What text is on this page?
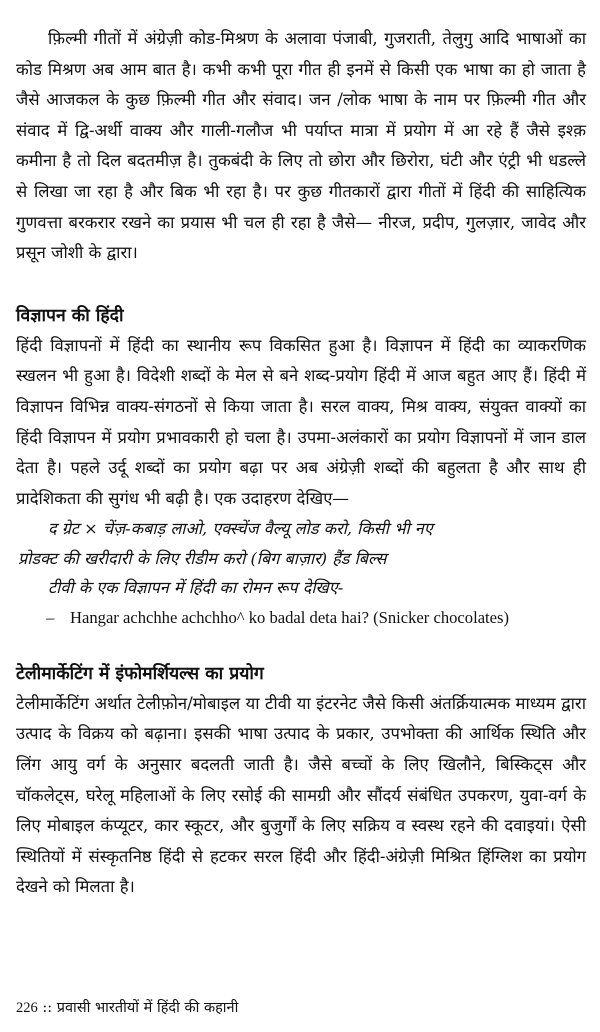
फ़िल्मी गीतों में अंग्रेज़ी कोड-मिश्रण के अलावा पंजाबी, गुजराती, तेलुगु आदि भाषाओं का कोड मिश्रण अब आम बात है। कभी कभी पूरा गीत ही इनमें से किसी एक भाषा का हो जाता है जैसे आजकल के कुछ फ़िल्मी गीत और संवाद। जन /लोक भाषा के नाम पर फ़िल्मी गीत और संवाद में द्वि-अर्थी वाक्य और गाली-गलौज भी पर्याप्त मात्रा में प्रयोग में आ रहे हैं जैसे इश्क़ कमीना है तो दिल बदतमीज़ है। तुकबंदी के लिए तो छोरा और छिरोरा, घंटी और एंट्री भी धडल्ले से लिखा जा रहा है और बिक भी रहा है। पर कुछ गीतकारों द्वारा गीतों में हिंदी की साहित्यिक गुणवत्ता बरकरार रखने का प्रयास भी चल ही रहा है जैसे— नीरज, प्रदीप, गुलज़ार, जावेद और प्रसून जोशी के द्वारा।

विज्ञापन की हिंदी

हिंदी विज्ञापनों में हिंदी का स्थानीय रूप विकसित हुआ है। विज्ञापन में हिंदी का व्याकरणिक स्खलन भी हुआ है। विदेशी शब्दों के मेल से बने शब्द-प्रयोग हिंदी में आज बहुत आए हैं। हिंदी में विज्ञापन विभिन्न वाक्य-संगठनों से किया जाता है। सरल वाक्य, मिश्र वाक्य, संयुक्त वाक्यों का हिंदी विज्ञापन में प्रयोग प्रभावकारी हो चला है। उपमा-अलंकारों का प्रयोग विज्ञापनों में जान डाल देता है। पहले उर्दू शब्दों का प्रयोग बढ़ा पर अब अंग्रेज़ी शब्दों की बहुलता है और साथ ही प्रादेशिकता की सुगंध भी बढ़ी है। एक उदाहरण देखिए—

द ग्रेट × चेंज़-कबाड़ लाओ, एक्स्चेंज वैल्यू लोड करो, किसी भी नए
प्रोडक्ट की खरीदारी के लिए रीडीम करो (बिग बाज़ार) हैंड बिल्स
टीवी के एक विज्ञापन में हिंदी का रोमन रूप देखिए-
– Hangar achchhe achchho^ ko badal deta hai? (Snicker chocolates)
टेलीमार्केटिंग में इंफोमर्शियल्स का प्रयोग

टेलीमार्केटिंग अर्थात टेलीफ़ोन/मोबाइल या टीवी या इंटरनेट जैसे किसी अंतर्क्रियात्मक माध्यम द्वारा उत्पाद के विक्रय को बढ़ाना। इसकी भाषा उत्पाद के प्रकार, उपभोक्ता की आर्थिक स्थिति और लिंग आयु वर्ग के अनुसार बदलती जाती है। जैसे बच्चों के लिए खिलौने, बिस्किट्स और चॉकलेट्स, घरेलू महिलाओं के लिए रसोई की सामग्री और सौंदर्य संबंधित उपकरण, युवा-वर्ग के लिए मोबाइल कंप्यूटर, कार स्कूटर, और बुजुर्गों के लिए सक्रिय व स्वस्थ रहने की दवाइयां। ऐसी स्थितियों में संस्कृतनिष्ठ हिंदी से हटकर सरल हिंदी और हिंदी-अंग्रेज़ी मिश्रित हिंग्लिश का प्रयोग देखने को मिलता है।

226 :: प्रवासी भारतीयों में हिंदी की कहानी
